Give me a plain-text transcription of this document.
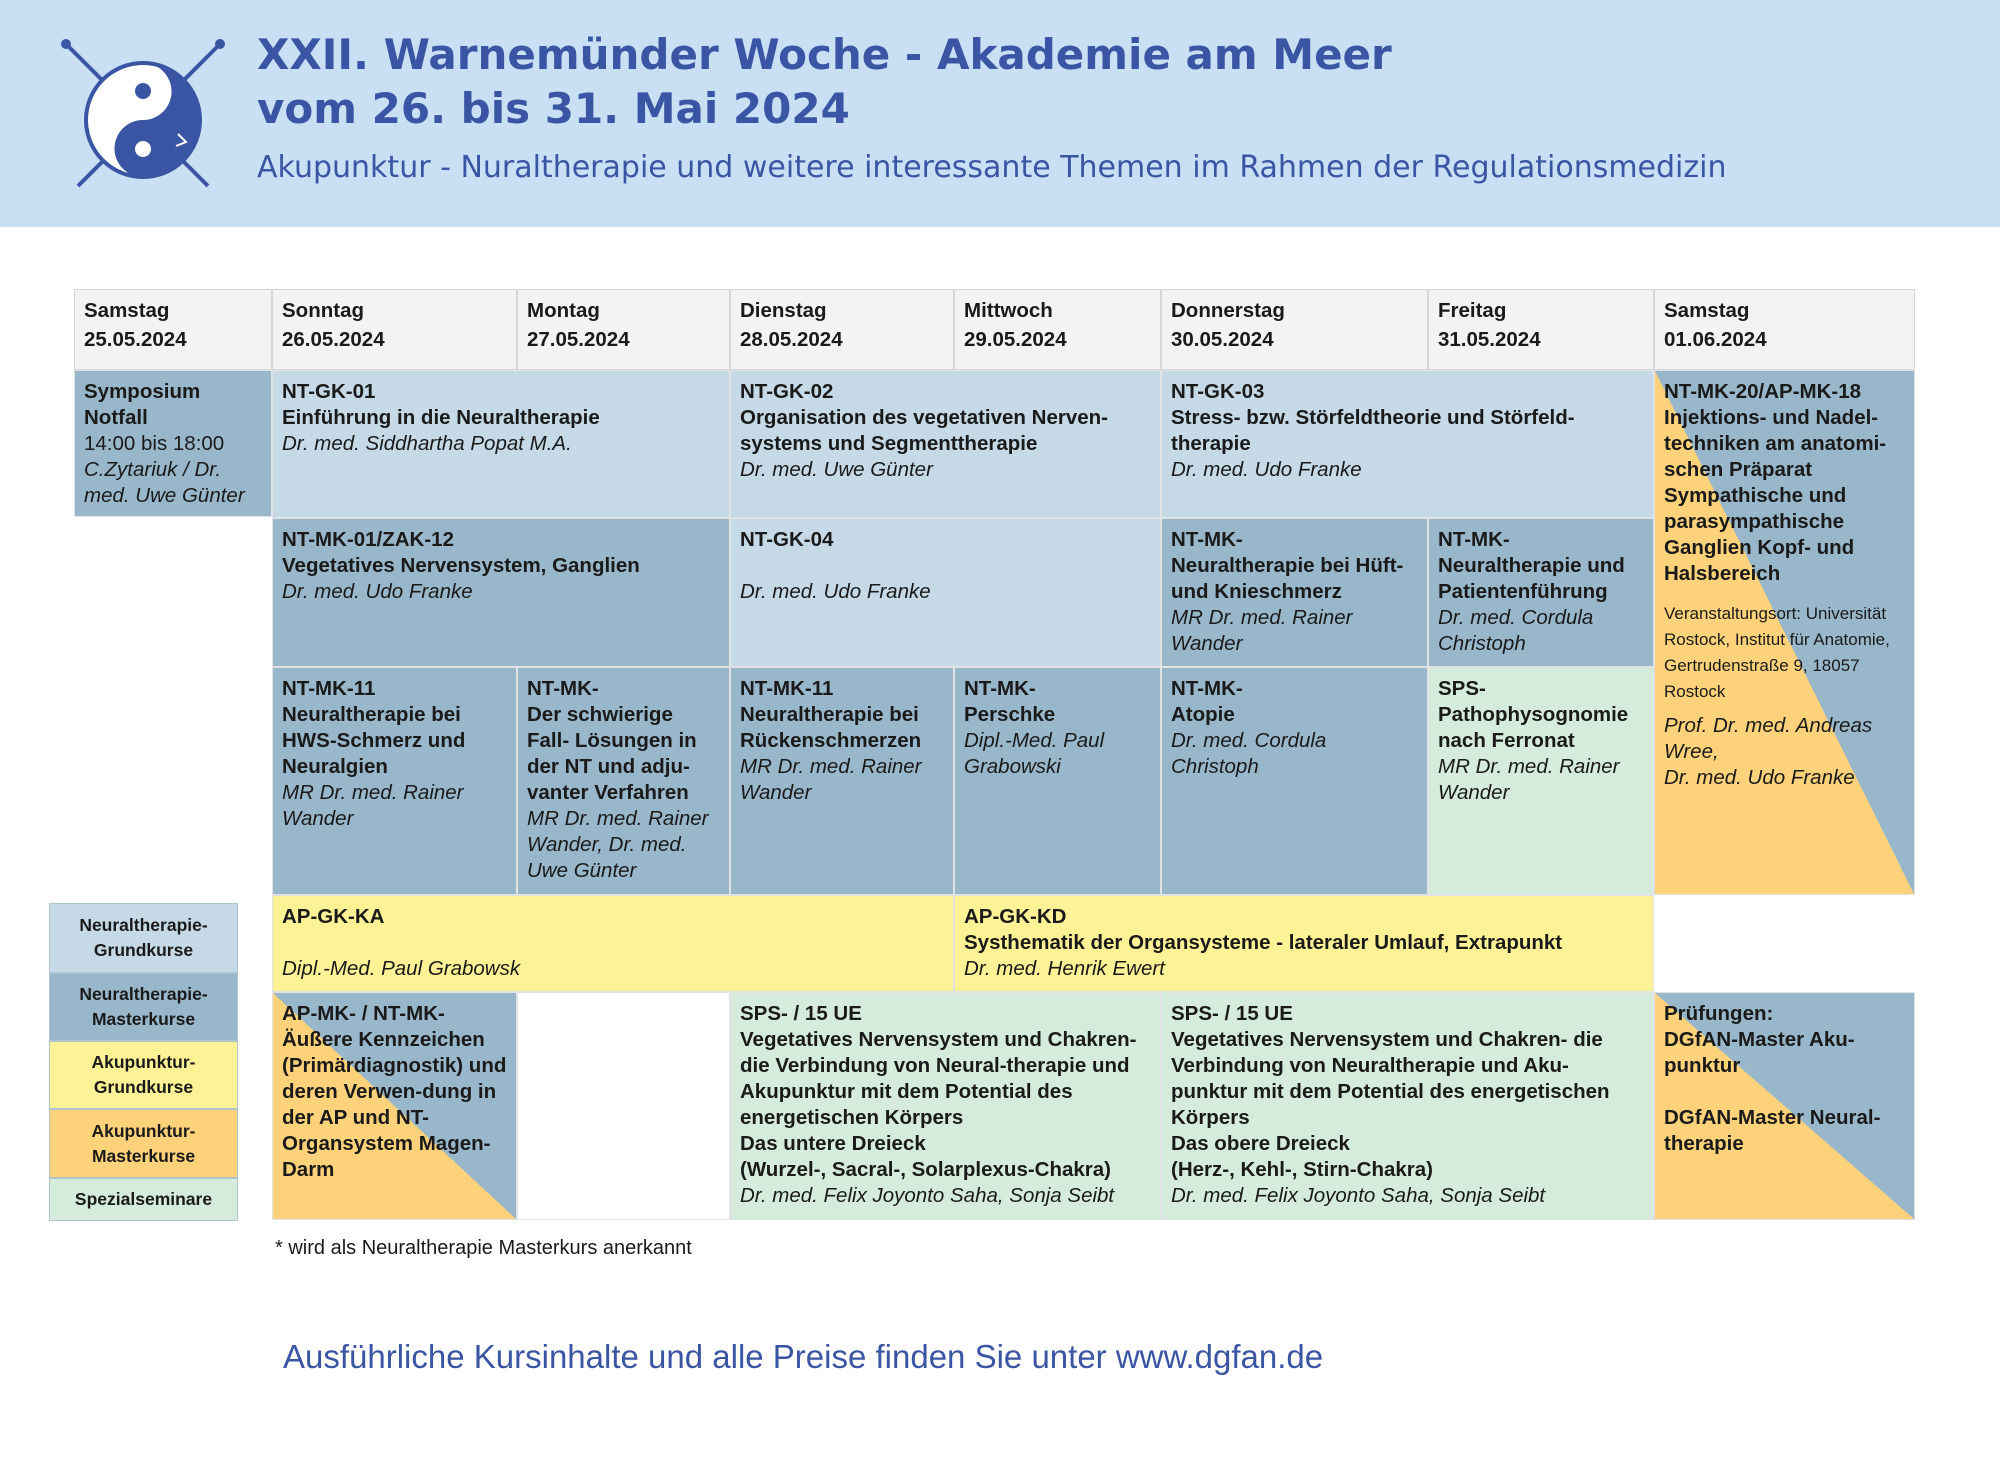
XXII. Warnemünder Woche - Akademie am Meer
vom 26. bis 31. Mai 2024
Akupunktur - Nuraltherapie und weitere interessante Themen im Rahmen der Regulationsmedizin
Samstag
25.05.2024
Sonntag
26.05.2024
Montag
27.05.2024
Dienstag
28.05.2024
Mittwoch
29.05.2024
Donnerstag
30.05.2024
Freitag
31.05.2024
Samstag
01.06.2024
Symposium
Notfall
14:00 bis 18:00
C.Zytariuk / Dr. med. Uwe Günter
NT-GK-01
Einführung in die Neuraltherapie
Dr. med. Siddhartha Popat M.A.
NT-GK-02
Organisation des vegetativen Nerven-systems und Segmenttherapie
Dr. med. Uwe Günter
NT-GK-03
Stress- bzw. Störfeldtheorie und Störfeld-therapie
Dr. med. Udo Franke
NT-MK-20/AP-MK-18
Injektions- und Nadel-techniken am anatomi-schen Präparat Sympathische und parasympathische Ganglien Kopf- und Halsbereich
Veranstaltungsort: Universität Rostock, Institut für Anatomie, Gertrudenstraße 9, 18057 Rostock
Prof. Dr. med. Andreas Wree,
Dr. med. Udo Franke
NT-MK-01/ZAK-12
Vegetatives Nervensystem, Ganglien
Dr. med. Udo Franke
NT-GK-04
Dr. med. Udo Franke
NT-MK-
Neuraltherapie bei Hüft- und Knieschmerz
MR Dr. med. Rainer Wander
NT-MK-
Neuraltherapie und Patientenführung
Dr. med. Cordula Christoph
NT-MK-11
Neuraltherapie bei HWS-Schmerz und Neuralgien
MR Dr. med. Rainer Wander
NT-MK-
Der schwierige Fall- Lösungen in der NT und adju-vanter Verfahren
MR Dr. med. Rainer Wander, Dr. med. Uwe Günter
NT-MK-11
Neuraltherapie bei Rückenschmerzen
MR Dr. med. Rainer Wander
NT-MK-
Perschke
Dipl.-Med. Paul Grabowski
NT-MK-
Atopie
Dr. med. Cordula Christoph
SPS-
Pathophysognomie nach Ferronat
MR Dr. med. Rainer Wander
AP-GK-KA
Dipl.-Med. Paul Grabowsk
AP-GK-KD
Systhematik der Organsysteme - lateraler Umlauf, Extrapunkt
Dr. med. Henrik Ewert
AP-MK- / NT-MK-
Äußere Kennzeichen (Primärdiagnostik) und deren Verwen-dung in der AP und NT- Organsystem Magen-Darm
SPS- / 15 UE
Vegetatives Nervensystem und Chakren- die Verbindung von Neural-therapie und Akupunktur mit dem Potential des energetischen Körpers
Das untere Dreieck
(Wurzel-, Sacral-, Solarplexus-Chakra)
Dr. med. Felix Joyonto Saha, Sonja Seibt
SPS- / 15 UE
Vegetatives Nervensystem und Chakren- die Verbindung von Neuraltherapie und Aku-punktur mit dem Potential des energetischen Körpers
Das obere Dreieck
(Herz-, Kehl-, Stirn-Chakra)
Dr. med. Felix Joyonto Saha, Sonja Seibt
Prüfungen:
DGfAN-Master Aku-punktur
DGfAN-Master Neural-therapie
Neuraltherapie-Grundkurse
Neuraltherapie-Masterkurse
Akupunktur-Grundkurse
Akupunktur-Masterkurse
Spezialseminare
* wird als Neuraltherapie Masterkurs anerkannt
Ausführliche Kursinhalte und alle Preise finden Sie unter www.dgfan.de
